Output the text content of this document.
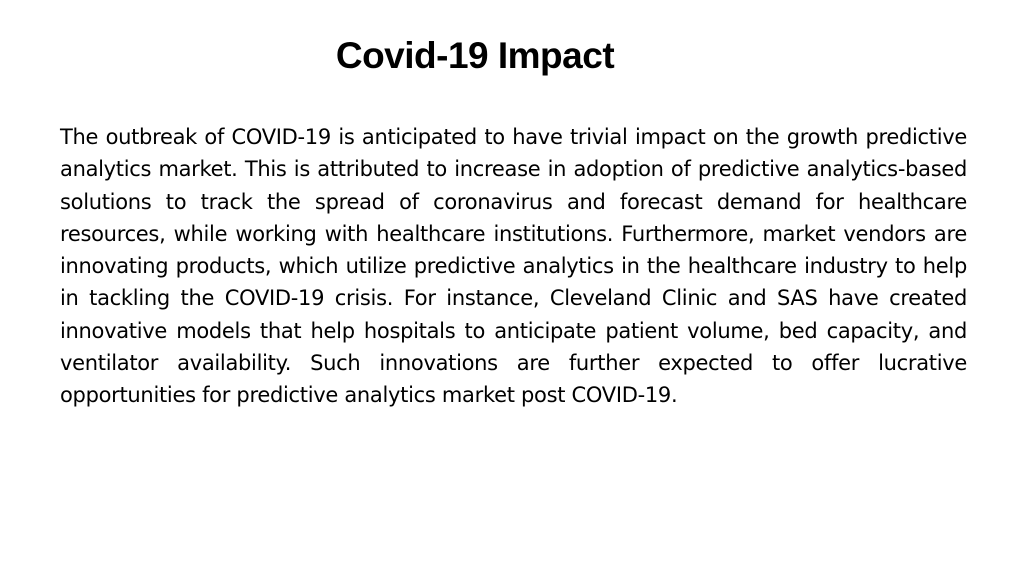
Covid-19 Impact

The outbreak of COVID-19 is anticipated to have trivial impact on the growth predictive analytics market. This is attributed to increase in adoption of predictive analytics-based solutions to track the spread of coronavirus and forecast demand for healthcare resources, while working with healthcare institutions. Furthermore, market vendors are innovating products, which utilize predictive analytics in the healthcare industry to help in tackling the COVID-19 crisis. For instance, Cleveland Clinic and SAS have created innovative models that help hospitals to anticipate patient volume, bed capacity, and ventilator availability. Such innovations are further expected to offer lucrative opportunities for predictive analytics market post COVID-19.
